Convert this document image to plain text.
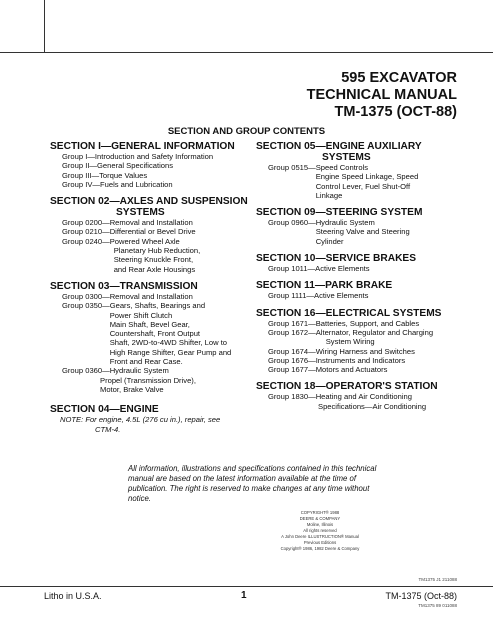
595 EXCAVATOR
TECHNICAL MANUAL
TM-1375 (OCT-88)
SECTION AND GROUP CONTENTS
SECTION I—GENERAL INFORMATION
Group I—Introduction and Safety Information
Group II—General Specifications
Group III—Torque Values
Group IV—Fuels and Lubrication
SECTION 02—AXLES AND SUSPENSION
SYSTEMS
Group 0200— Removal and Installation
Group 0210— Differential or Bevel Drive
Group 0240— Powered Wheel Axle
Planetary Hub Reduction,
Steering Knuckle Front,
and Rear Axle Housings
SECTION 03—TRANSMISSION
Group 0300— Removal and Installation
Group 0350— Gears, Shafts, Bearings and
Power Shift Clutch
Main Shaft, Bevel Gear,
Countershaft, Front Output
Shaft, 2WD-to-4WD Shifter, Low to
High Range Shifter, Gear Pump and
Front and Rear Case.
Group 0360— Hydraulic System
Propel (Transmission Drive),
Motor, Brake Valve
SECTION 04—ENGINE
NOTE: For engine, 4.5L (276 cu in.), repair, see
CTM-4.
SECTION 05—ENGINE AUXILIARY
SYSTEMS
Group 0515— Speed Controls
Engine Speed Linkage, Speed
Control Lever, Fuel Shut-Off
Linkage
SECTION 09—STEERING SYSTEM
Group 0960— Hydraulic System
Steering Valve and Steering
Cylinder
SECTION 10—SERVICE BRAKES
Group 1011—Active Elements
SECTION 11—PARK BRAKE
Group 1111—Active Elements
SECTION 16—ELECTRICAL SYSTEMS
Group 1671—Batteries, Support, and Cables
Group 1672— Alternator, Regulator and Charging
System Wiring
Group 1674—Wiring Harness and Switches
Group 1676—Instruments and Indicators
Group 1677—Motors and Actuators
SECTION 18—OPERATOR'S STATION
Group 1830—Heating and Air Conditioning
Specifications—Air Conditioning
All information, illustrations and specifications contained in this technical manual are based on the latest information available at the time of publication. The right is reserved to make changes at any time without notice.
COPYRIGHT® 1988
DEERE & COMPANY
Moline, Illinois
All rights reserved
A John Deere ILLUSTRUCTION® Manual
Previous Editions
Copyright® 1986, 1982 Deere & Company
TM1375 J1 211088
Litho in U.S.A.	1	TM-1375 (Oct-88)
TM1375 89 011088
